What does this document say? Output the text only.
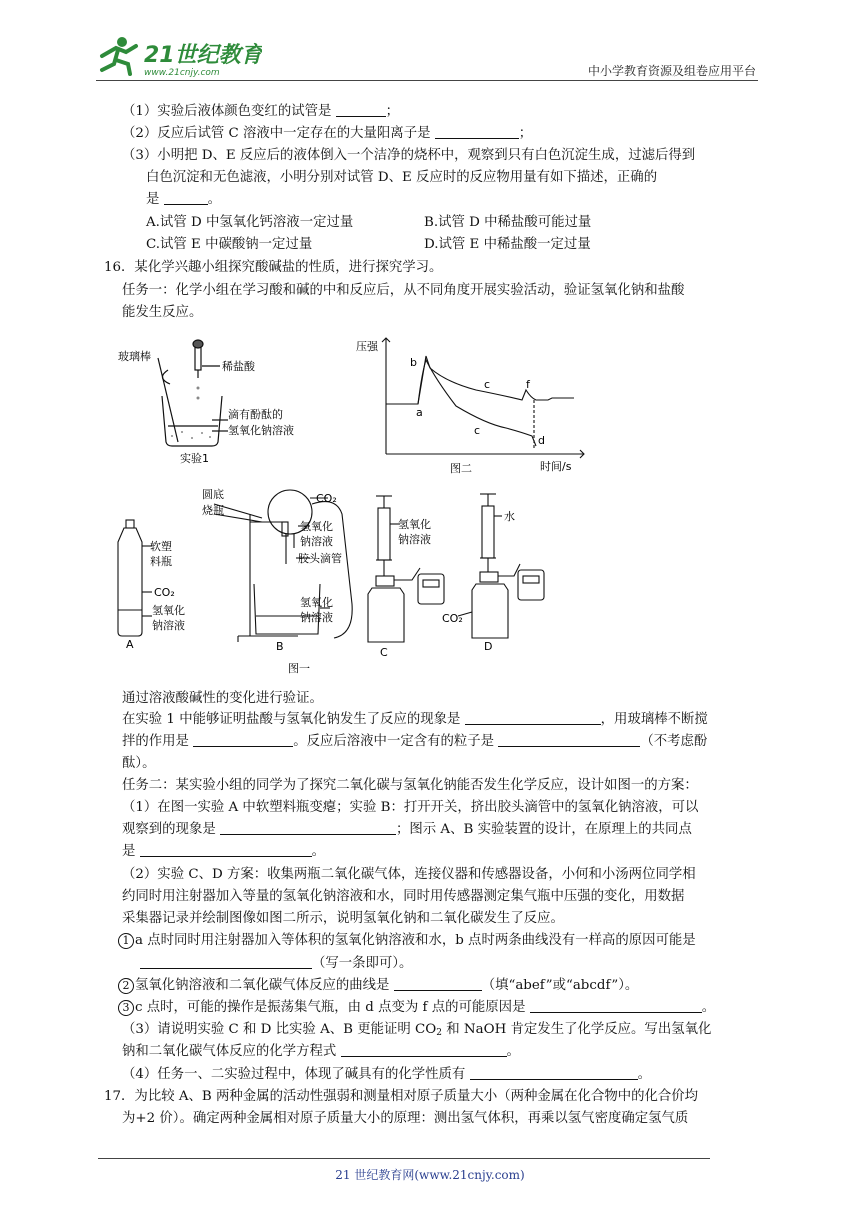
21世纪教育
www.21cnjy.com	中小学教育资源及组卷应用平台
（1）实验后液体颜色变红的试管是	；
（2）反应后试管 C 溶液中一定存在的大量阳离子是	；
（3）小明把 D、E 反应后的液体倒入一个洁净的烧杯中，观察到只有白色沉淀生成，过滤后得到
白色沉淀和无色滤液，小明分别对试管 D、E 反应时的反应物用量有如下描述，正确的
是	。
A.试管 D 中氢氧化钙溶液一定过量	B.试管 D 中稀盐酸可能过量
C.试管 E 中碳酸钠一定过量	D.试管 E 中稀盐酸一定过量
16．某化学兴趣小组探究酸碱盐的性质，进行探究学习。
任务一：化学小组在学习酸和碱的中和反应后，从不同角度开展实验活动，验证氢氧化钠和盐酸
能发生反应。
玻璃棒
稀盐酸
滴有酚酞的
氢氧化钠溶液
实验1
压强
时间/s
图二
a
b
c
c
f
d
软塑
料瓶
CO₂
氢氧化
钠溶液
A
圆底
烧瓶
CO₂
氢氧化
钠溶液
胶头滴管
氢氧化
钠溶液
B
氢氧化
钠溶液
C
水
CO₂
D
图一
通过溶液酸碱性的变化进行验证。
在实验 1 中能够证明盐酸与氢氧化钠发生了反应的现象是	，用玻璃棒不断搅
拌的作用是	。反应后溶液中一定含有的粒子是	（不考虑酚
酞）。
任务二：某实验小组的同学为了探究二氧化碳与氢氧化钠能否发生化学反应，设计如图一的方案：
（1）在图一实验 A 中软塑料瓶变瘪；实验 B：打开开关，挤出胶头滴管中的氢氧化钠溶液，可以
观察到的现象是	；图示 A、B 实验装置的设计，在原理上的共同点
是	。
（2）实验 C、D 方案：收集两瓶二氧化碳气体，连接仪器和传感器设备，小何和小汤两位同学相
约同时用注射器加入等量的氢氧化钠溶液和水，同时用传感器测定集气瓶中压强的变化，用数据
采集器记录并绘制图像如图二所示，说明氢氧化钠和二氧化碳发生了反应。
1 a 点时同时用注射器加入等体积的氢氧化钠溶液和水，b 点时两条曲线没有一样高的原因可能是
（写一条即可）。
2 氢氧化钠溶液和二氧化碳气体反应的曲线是	（填“abef”或“abcdf”）。
3 c 点时，可能的操作是振荡集气瓶，由 d 点变为 f 点的可能原因是	。
（3）请说明实验 C 和 D 比实验 A、B 更能证明 $CO_2$ 和 NaOH 肯定发生了化学反应。写出氢氧化
钠和二氧化碳气体反应的化学方程式	。
（4）任务一、二实验过程中，体现了碱具有的化学性质有	。
17．为比较 A、B 两种金属的活动性强弱和测量相对原子质量大小（两种金属在化合物中的化合价均
为+2 价）。确定两种金属相对原子质量大小的原理：测出氢气体积，再乘以氢气密度确定氢气质
21 世纪教育网(www.21cnjy.com)
